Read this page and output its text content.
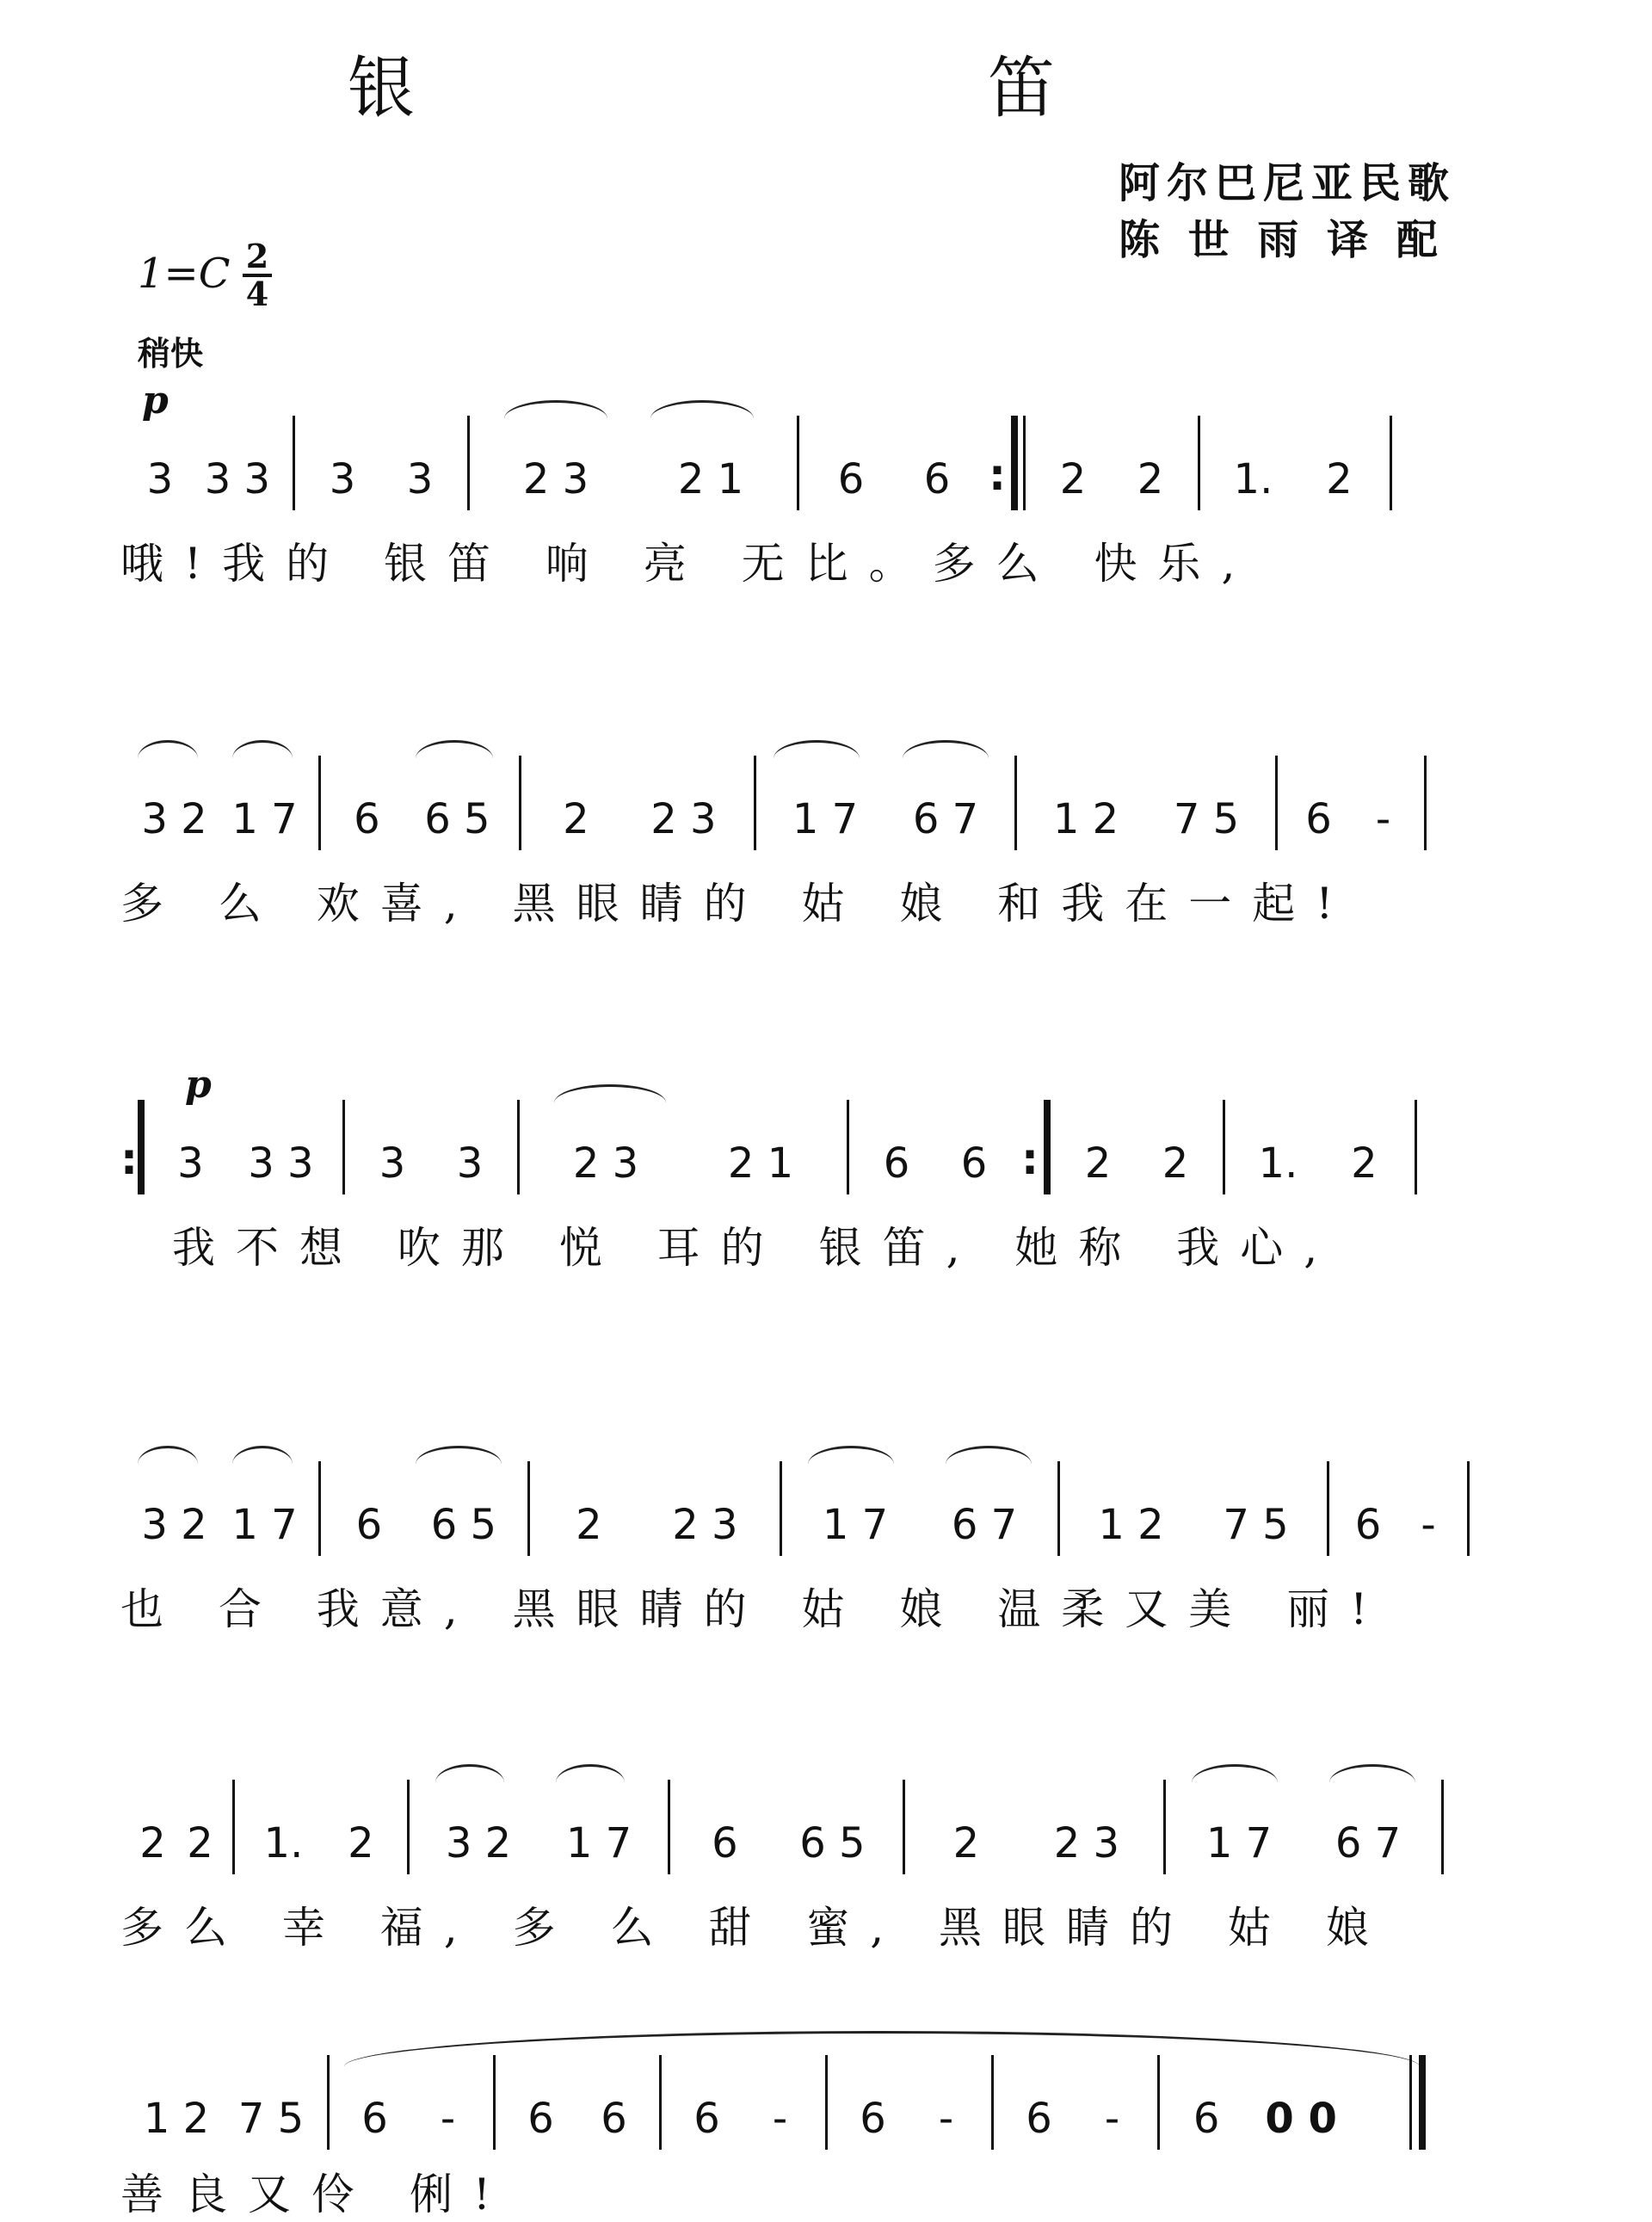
银　　笛
阿尔巴尼亚民歌
陈 世 雨 译 配
1=C 2
4
稍快
p
p
3 3 3 3 3 2 3 2 1 6 6 : 2 2 1. 2
哦!我的 银笛 响 亮 无比。多么 快乐,
3 2 1 7 6 6 5 2 2 3 1 7 6 7 1 2 7 5 6 -
多 么 欢喜, 黑眼睛的 姑 娘 和我在一起!
: 3 3 3 3 3 2 3 2 1 6 6 : 2 2 1. 2
我不想 吹那 悦 耳的 银笛, 她称 我心,
3 2 1 7 6 6 5 2 2 3 1 7 6 7 1 2 7 5 6 -
也 合 我意, 黑眼睛的 姑 娘 温柔又美 丽!
2 2 1. 2 3 2 1 7 6 6 5 2 2 3 1 7 6 7
多么 幸 福, 多 么 甜 蜜, 黑眼睛的 姑 娘
1 2 7 5 6 - 6 6 6 - 6 - 6 - 6 0 0
善良又伶 俐!
